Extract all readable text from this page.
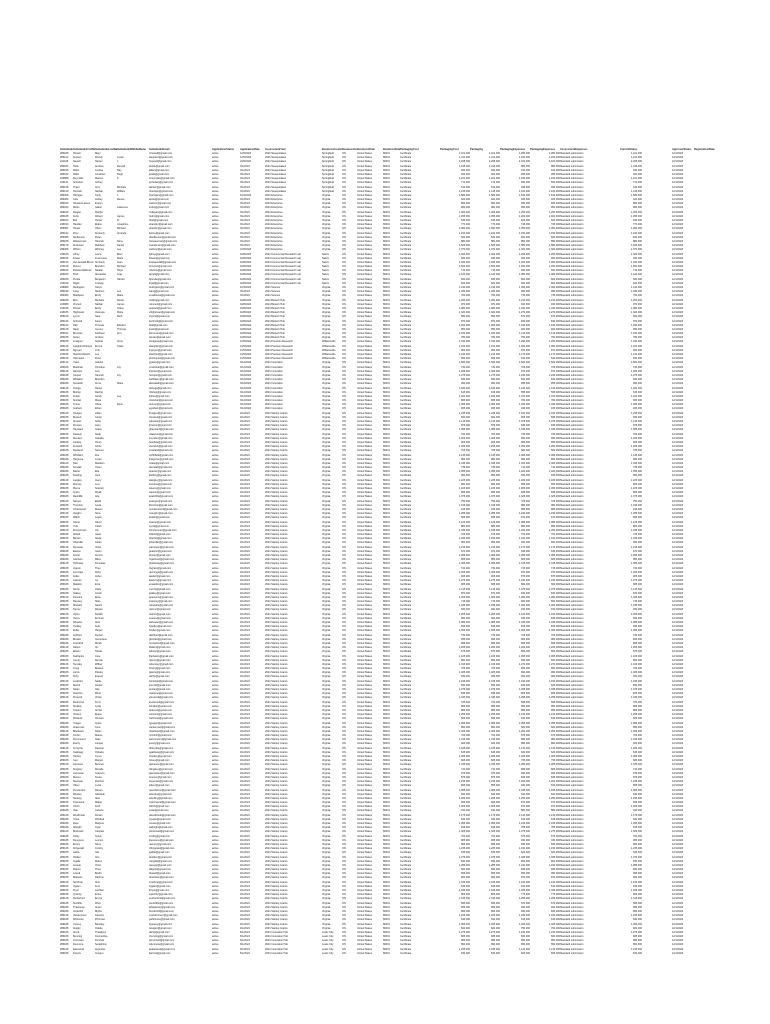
Individual IndividualsFirstN IndividualsLastN IndividualsMiddleName	IndividualsEmail	ApplicationStatus	ApplicationDate	AssessmentYear	BusinessCountry
BusinessCu BusinessState	BusinessState PackagingCost	PackagingCost	Packaging	PackagingExpenses	PackagingExpenses	AssessmentExpenses	CurrentStatus	ApproverStatus RegistrationDate
286188	Howell	Mary	mhowell@gmail.com	active	12/5/2023	2023 Sweepstakes	Springfield	ON	United States	86431	Certificate	1,421,000	1,421,000	1,280,000	1,280,000 Standard submission	1,421,000	12/1/2023
286120	Kupiers	Wendy	Lucas	wkupiers@gmail.com	active	12/5/2023	2023 Sweepstakes	Springfield	ON	United States	86431	Certificate	1,211,000	1,211,000	1,180,000	1,180,000 Standard submission	1,211,000	12/1/2023
241128	Newell	Harper	J	hnewell@gmail.com	active	2/29/2024	2024 Sweepstakes	Springfield	ON	United States	86431	Certificate	2,208,000	2,208,000	2,100,000	2,100,000 Standard submission	2,208,000	12/1/2023
286184	Holle	Andrew	Russell	aholle@gmail.com	active	3/1/2024	2024 Sweepstakes	Springfield	ON	United States	86431	Certificate	1,016,000	1,016,000	980,000	980,000 Standard submission	1,016,000	12/1/2023
286188	Dillon	Joshua	Ray	jdillon@gmail.com	active	3/1/2024	2024 Sweepstakes	Springfield	ON	United States	86431	Certificate	940,000	940,000	910,000	910,000 Standard submission	940,000	12/1/2023
286182	Walls	Jonathan	Hugh	jwalls@gmail.com	active	3/1/2024	2024 Sweepstakes	Springfield	ON	United States	86431	Certificate	300,000	300,000	285,000	285,000 Standard submission	300,000	12/1/2023
246858	Reynolds	Marcus	K	mreynolds@gmail.com	active	3/1/2024	2024 Sweepstakes	Springfield	ON	United States	86431	Certificate	1,221,000	1,221,000	1,190,000	1,190,000 Standard submission	1,221,000	12/1/2023
243141	Schubert	Jeffrey	jschubert@gmail.com	active	3/1/2024	2024 Sweepstakes	Springfield	ON	United States	86431	Certificate	712,000	712,000	690,000	690,000 Standard submission	712,000	12/1/2023
286195	Tinker	Amy	Michelle	atinker@gmail.com	active	3/1/2024	2024 Sweepstakes	Springfield	ON	United States	86431	Certificate	510,000	510,000	495,000	495,000 Standard submission	510,000	12/1/2023
286149	Heinlein	Nathan	William	nheinlein@gmail.com	active	3/1/2024	2024 Sweepstakes	Springfield	ON	United States	86431	Certificate	1,145,000	1,145,000	1,100,000	1,100,000 Standard submission	1,145,000	12/1/2023
286008	Harrigan	Cody	L	charrigan@gmail.com	active	10/3/2023	2023 Enterprise	Virginia	ON	United States	86431	Certificate	1,580,000	1,580,000	1,510,000	1,510,000 Standard submission	1,580,000	12/1/2023
286284	Cole	Ashley	Renee	acole@gmail.com	active	3/1/2024	2024 Enterprise	Virginia	ON	United States	86431	Certificate	420,000	420,000	405,000	405,000 Standard submission	420,000	12/1/2023
286189	Howard-Larsen	Evelyn	elarsen@gmail.com	active	3/1/2024	2024 Enterprise	Virginia	ON	United States	86431	Certificate	860,000	860,000	830,000	830,000 Standard submission	860,000	12/1/2023
286184	Rubin	Isabel	Lawrence	irubin@gmail.com	active	3/1/2024	2024 Enterprise	Virginia	ON	United States	86431	Certificate	980,000	980,000	950,000	950,000 Standard submission	980,000	12/1/2023
286199	Diegas	Marilyn	mdiegas@gmail.com	active	3/1/2024	2024 Enterprise	Virginia	ON	United States	86431	Certificate	1,300,000	1,300,000	1,250,000	1,250,000 Standard submission	1,300,000	12/1/2023
286188	Kuhn	Robert	James	rkuhn@gmail.com	active	3/1/2024	2024 Enterprise	Virginia	ON	United States	86431	Certificate	1,455,000	1,455,000	1,400,000	1,400,000 Standard submission	1,455,000	12/1/2023
286183	Bell	Hunter	R	hbell@gmail.com	active	3/1/2024	2024 Enterprise	Virginia	ON	United States	86431	Certificate	645,000	645,000	620,000	620,000 Standard submission	645,000	12/1/2023
243190	Handler	Elaine	Josephine	ehandler@gmail.com	active	3/1/2024	2024 Enterprise	Virginia	ON	United States	86431	Certificate	770,000	770,000	745,000	745,000 Standard submission	770,000	12/1/2023
286081	Hoefer	Oliver	Michael	ohoefer@gmail.com	active	3/1/2024	2024 Enterprise	Virginia	ON	United States	86431	Certificate	1,090,000	1,090,000	1,050,000	1,050,000 Standard submission	1,090,000	12/1/2023
286192	Price	Kimberly	Amanda	kprice@gmail.com	active	3/1/2024	2024 Enterprise	Virginia	ON	United States	86431	Certificate	1,190,000	1,190,000	1,150,000	1,150,000 Standard submission	1,190,000	12/1/2023
286088	Steffenson	Dylan	dsteffenson@gmail.com	active	3/1/2024	2024 Enterprise	Virginia	ON	United States	86431	Certificate	520,000	520,000	500,000	500,000 Standard submission	520,000	12/1/2023
286188	Wasserman	Hannah	Rose	hwasserman@gmail.com	active	3/1/2024	2024 Enterprise	Virginia	ON	United States	86431	Certificate	880,000	880,000	850,000	850,000 Standard submission	880,000	12/1/2023
286179	Anderson	Matthew	Daniel	manderson@gmail.com	active	3/1/2024	2024 Enterprise	Virginia	ON	United States	86431	Certificate	1,625,000	1,625,000	1,580,000	1,580,000 Standard submission	1,625,000	12/1/2023
286008	Wilson	Whitney	Lee	wwilson@gmail.com	active	12/5/2023	2023 Enterprise	Virginia	ON	United States	86431	Certificate	1,370,000	1,370,000	1,320,000	1,320,000 Standard submission	1,370,000	12/1/2023
243128	Gilroy	Laura	Ellen	lgilroy@gmail.com	active	4/28/2024	2024 Commercial Research Lab	Salem	ON	United States	86431	Certificate	1,300,000	1,300,000	1,260,000	1,260,000 Standard submission	1,300,000	12/1/2023
286186	Fraser	Francesca	Marie	ffraser@gmail.com	active	4/28/2024	2024 Commercial Research Lab	Salem	ON	United States	86431	Certificate	930,000	930,000	900,000	900,000 Standard submission	930,000	12/1/2023
286193	Van Ausdall-Bruce Kimberly	Jean	kvanausdall@gmail.com	active	4/28/2024	2024 Commercial Research Lab	Salem	ON	United States	86431	Certificate	1,040,000	1,040,000	1,000,000	1,000,000 Standard submission	1,040,000	12/1/2023
243148	Mercer	Brandon	Michael	bmercer@gmail.com	active	4/28/2024	2024 Commercial Research Lab	Salem	ON	United States	86431	Certificate	1,500,000	1,500,000	1,450,000	1,450,000 Standard submission	1,500,000	12/1/2023
286188	Dubois-Mathews	Natalie	Hope	ndubois@gmail.com	active	4/28/2024	2024 Commercial Research Lab	Salem	ON	United States	86431	Certificate	710,000	710,000	690,000	690,000 Standard submission	710,000	12/1/2023
286189	Pratt	Alexander	Gray	apratt@gmail.com	active	4/28/2024	2024 Commercial Research Lab	Salem	ON	United States	86431	Certificate	1,120,000	1,120,000	1,080,000	1,080,000 Standard submission	1,120,000	12/1/2023
286188	Purdie	Benjamin	Harold	bpurdie@gmail.com	active	4/28/2024	2024 Commercial Research Lab	Salem	ON	United States	86431	Certificate	830,000	830,000	800,000	800,000 Standard submission	830,000	12/1/2023
243168	Rigali	Lindsay	lrigali@gmail.com	active	4/28/2024	2024 Commercial Research Lab	Salem	ON	United States	86431	Certificate	620,000	620,000	600,000	600,000 Standard submission	620,000	12/1/2023
248888	Redington	Tanya	tredington@gmail.com	active	10/3/2023	2023 Science	Virginia	ON	United States	86431	Certificate	1,410,000	1,410,000	1,360,000	1,360,000 Standard submission	1,410,000	12/1/2023
286198	Lang	Stephen	Lee	slang@gmail.com	active	3/1/2024	2024 Science	Virginia	ON	United States	86431	Certificate	1,030,000	1,030,000	990,000	990,000 Standard submission	1,030,000	12/1/2023
286089	Matthews	Emily	Marie	ematthews@gmail.com	active	3/1/2024	2024 Science	Virginia	ON	United States	86431	Certificate	760,000	760,000	735,000	735,000 Standard submission	760,000	12/1/2023
286188	Ellis	Michelle	Nicole	mellis@gmail.com	active	4/28/2024	2024 Biotech Hub	Virginia	ON	United States	86431	Certificate	1,260,000	1,260,000	1,210,000	1,210,000 Standard submission	1,260,000	12/1/2023
243888	Vincent	Nathan	James	nvincent@gmail.com	active	4/28/2024	2024 Biotech Hub	Virginia	ON	United States	86431	Certificate	970,000	970,000	940,000	940,000 Standard submission	970,000	12/1/2023
243198	Powell	Emily	Grace	epowell@gmail.com	active	4/28/2024	2024 Biotech Hub	Virginia	ON	United States	86431	Certificate	1,080,000	1,080,000	1,040,000	1,040,000 Standard submission	1,080,000	12/1/2023
243186	Hightower	Vanessa	Marie	vhightower@gmail.com	active	4/28/2024	2024 Biotech Hub	Virginia	ON	United States	86431	Certificate	1,320,000	1,320,000	1,270,000	1,270,000 Standard submission	1,320,000	12/1/2023
286128	Lyons	Sara	Ruth	slyons@gmail.com	active	4/28/2024	2024 Biotech Hub	Virginia	ON	United States	86431	Certificate	690,000	690,000	670,000	670,000 Standard submission	690,000	12/1/2023
286139	Schmidt	Karen	kschmidt@gmail.com	active	4/28/2024	2024 Biotech Hub	Virginia	ON	United States	86431	Certificate	870,000	870,000	840,000	840,000 Standard submission	870,000	12/1/2023
286120	Hall	Thomas	Edward	thall@gmail.com	active	4/28/2024	2024 Biotech Hub	Virginia	ON	United States	86431	Certificate	1,490,000	1,490,000	1,440,000	1,440,000 Standard submission	1,490,000	12/1/2023
286128	Nash	Jeremy	Thomas	jnash@gmail.com	active	4/28/2024	2024 Biotech Hub	Virginia	ON	United States	86431	Certificate	950,000	950,000	920,000	920,000 Standard submission	950,000	12/1/2023
286182	Brennan	Kathleen	Ann	kbrennan@gmail.com	active	4/28/2024	2024 Biotech Hub	Virginia	ON	United States	86431	Certificate	1,150,000	1,150,000	1,110,000	1,110,000 Standard submission	1,150,000	12/1/2023
286188	Sutter	Andrew	asutter@gmail.com	active	4/28/2024	2024 Biotech Hub	Virginia	ON	United States	86431	Certificate	780,000	780,000	750,000	750,000 Standard submission	780,000	12/1/2023
286188	Lindgren	Sophia	Anne	slindgren@gmail.com	active	1/25/2024	2024 Precision Research	Williamsville	ON	United States	86431	Certificate	1,340,000	1,340,000	1,290,000	1,290,000 Standard submission	1,340,000	12/1/2023
286128	Laughlin-Roberts	Emma	Claire	elaughlin@gmail.com	active	1/25/2024	2024 Precision Research	Williamsville	ON	United States	86431	Certificate	1,100,000	1,100,000	1,060,000	1,060,000 Standard submission	1,100,000	12/1/2023
286148	Nguyen	Linh	lnguyen@gmail.com	active	1/25/2024	2024 Precision Research	Williamsville	ON	United States	86431	Certificate	900,000	900,000	870,000	870,000 Standard submission	900,000	12/1/2023
243188	Stanford-Morris	Lee	lstanford@gmail.com	active	1/25/2024	2024 Precision Research	Williamsville	ON	United States	86431	Certificate	1,210,000	1,210,000	1,170,000	1,170,000 Standard submission	1,210,000	12/1/2023
286168	Holmquist	Peter	pholmquist@gmail.com	active	1/25/2024	2024 Precision Research	Williamsville	ON	United States	86431	Certificate	660,000	660,000	640,000	640,000 Standard submission	660,000	12/1/2023
286132	Yates	Gabriel	gyates@gmail.com	active	3/12/2024	2024 Innovation	Virginia	ON	United States	86431	Certificate	1,560,000	1,560,000	1,500,000	1,500,000 Standard submission	1,560,000	12/1/2023
286188	Marshall	Christine	Joy	cmarshall@gmail.com	active	3/12/2024	2024 Innovation	Virginia	ON	United States	86431	Certificate	730,000	730,000	705,000	705,000 Standard submission	730,000	12/1/2023
286128	Ramirez	Luis	lramirez@gmail.com	active	3/12/2024	2024 Innovation	Virginia	ON	United States	86431	Certificate	1,005,000	1,005,000	970,000	970,000 Standard submission	1,005,000	12/1/2023
286188	Cooper	Hannah	Joy	hcooper@gmail.com	active	3/12/2024	2024 Innovation	Virginia	ON	United States	86431	Certificate	1,275,000	1,275,000	1,230,000	1,230,000 Standard submission	1,275,000	12/1/2023
286188	Whitaker	Brandon	bwhitaker@gmail.com	active	3/12/2024	2024 Innovation	Virginia	ON	United States	86431	Certificate	840,000	840,000	810,000	810,000 Standard submission	840,000	12/1/2023
286188	Kowalski	Anna	Marie	akowalski@gmail.com	active	3/12/2024	2024 Innovation	Virginia	ON	United States	86431	Certificate	990,000	990,000	955,000	955,000 Standard submission	990,000	12/1/2023
286148	Ortega	Daniel	dortega@gmail.com	active	3/12/2024	2024 Innovation	Virginia	ON	United States	86431	Certificate	1,180,000	1,180,000	1,140,000	1,140,000 Standard submission	1,180,000	12/1/2023
286188	Bishop	Rachel	rbishop@gmail.com	active	3/12/2024	2024 Innovation	Virginia	ON	United States	86431	Certificate	615,000	615,000	595,000	595,000 Standard submission	615,000	12/1/2023
286188	Fulton	Jacob	Lee	jfulton@gmail.com	active	3/12/2024	2024 Innovation	Virginia	ON	United States	86431	Certificate	1,420,000	1,420,000	1,370,000	1,370,000 Standard submission	1,420,000	12/1/2023
286188	Sinclair	Maya	msinclair@gmail.com	active	3/12/2024	2024 Innovation	Virginia	ON	United States	86431	Certificate	805,000	805,000	780,000	780,000 Standard submission	805,000	12/1/2023
286188	Turner	Olivia	Rose	oturner@gmail.com	active	3/12/2024	2024 Innovation	Virginia	ON	United States	86431	Certificate	1,065,000	1,065,000	1,030,000	1,030,000 Standard submission	1,065,000	12/1/2023
286188	Graham	Ethan	egraham@gmail.com	active	3/12/2024	2024 Innovation	Virginia	ON	United States	86431	Certificate	945,000	945,000	915,000	915,000 Standard submission	945,000	12/1/2023
286128	Hodges	Lillian	lhodges@gmail.com	active	4/1/2024	2024 Startup Grants	Virginia	ON	United States	86431	Certificate	1,235,000	1,235,000	1,190,000	1,190,000 Standard submission	1,235,000	12/1/2023
286188	Beckett	Carter	cbeckett@gmail.com	active	4/1/2024	2024 Startup Grants	Virginia	ON	United States	86431	Certificate	690,000	690,000	665,000	665,000 Standard submission	690,000	12/1/2023
286188	Alvarez	Sofia	salvarez@gmail.com	active	4/1/2024	2024 Startup Grants	Virginia	ON	United States	86431	Certificate	1,115,000	1,115,000	1,075,000	1,075,000 Standard submission	1,115,000	12/1/2023
286148	Preston	Liam	lpreston@gmail.com	active	4/1/2024	2024 Startup Grants	Virginia	ON	United States	86431	Certificate	875,000	875,000	845,000	845,000 Standard submission	875,000	12/1/2023
286188	Hayward	Grace	ghayward@gmail.com	active	4/1/2024	2024 Startup Grants	Virginia	ON	United States	86431	Certificate	1,385,000	1,385,000	1,335,000	1,335,000 Standard submission	1,385,000	12/1/2023
286188	Dawson	Noah	ndawson@gmail.com	active	4/1/2024	2024 Startup Grants	Virginia	ON	United States	86431	Certificate	760,000	760,000	735,000	735,000 Standard submission	760,000	12/1/2023
286188	Mendez	Isabella	imendez@gmail.com	active	4/1/2024	2024 Startup Grants	Virginia	ON	United States	86431	Certificate	1,025,000	1,025,000	990,000	990,000 Standard submission	1,025,000	12/1/2023
286188	Carlisle	Henry	hcarlisle@gmail.com	active	4/1/2024	2024 Startup Grants	Virginia	ON	United States	86431	Certificate	925,000	925,000	895,000	895,000 Standard submission	925,000	12/1/2023
286148	Fenwick	Chloe	cfenwick@gmail.com	active	4/1/2024	2024 Startup Grants	Virginia	ON	United States	86431	Certificate	1,295,000	1,295,000	1,250,000	1,250,000 Standard submission	1,295,000	12/1/2023
286188	Rowland	Samuel	srowland@gmail.com	active	4/1/2024	2024 Startup Grants	Virginia	ON	United States	86431	Certificate	705,000	705,000	680,000	680,000 Standard submission	705,000	12/1/2023
286188	Whitfield	Zoe	zwhitfield@gmail.com	active	4/1/2024	2024 Startup Grants	Virginia	ON	United States	86431	Certificate	1,135,000	1,135,000	1,095,000	1,095,000 Standard submission	1,135,000	12/1/2023
286188	Hargrove	Lucas	lhargrove@gmail.com	active	4/1/2024	2024 Startup Grants	Virginia	ON	United States	86431	Certificate	890,000	890,000	860,000	860,000 Standard submission	890,000	12/1/2023
286128	Tate	Madison	mtate@gmail.com	active	4/1/2024	2024 Startup Grants	Virginia	ON	United States	86431	Certificate	1,345,000	1,345,000	1,300,000	1,300,000 Standard submission	1,345,000	12/1/2023
286188	Kendall	Owen	okendall@gmail.com	active	4/1/2024	2024 Startup Grants	Virginia	ON	United States	86431	Certificate	735,000	735,000	710,000	710,000 Standard submission	735,000	12/1/2023
286188	Baxter	Ella	ebaxter@gmail.com	active	4/1/2024	2024 Startup Grants	Virginia	ON	United States	86431	Certificate	1,055,000	1,055,000	1,020,000	1,020,000 Standard submission	1,055,000	12/1/2023
286188	Fielding	Jack	jfielding@gmail.com	active	4/1/2024	2024 Startup Grants	Virginia	ON	United States	86431	Certificate	960,000	960,000	930,000	930,000 Standard submission	960,000	12/1/2023
286148	Langley	Avery	alangley@gmail.com	active	4/1/2024	2024 Startup Grants	Virginia	ON	United States	86431	Certificate	1,225,000	1,225,000	1,180,000	1,180,000 Standard submission	1,225,000	12/1/2023
286188	Monroe	Levi	lmonroe@gmail.com	active	4/1/2024	2024 Startup Grants	Virginia	ON	United States	86431	Certificate	680,000	680,000	655,000	655,000 Standard submission	680,000	12/1/2023
286188	Pierce	Scarlett	spierce@gmail.com	active	4/1/2024	2024 Startup Grants	Virginia	ON	United States	86431	Certificate	1,105,000	1,105,000	1,065,000	1,065,000 Standard submission	1,105,000	12/1/2023
286188	Quinn	Wyatt	wquinn@gmail.com	active	4/1/2024	2024 Startup Grants	Virginia	ON	United States	86431	Certificate	865,000	865,000	835,000	835,000 Standard submission	865,000	12/1/2023
286188	Radcliffe	Aria	aradcliffe@gmail.com	active	4/1/2024	2024 Startup Grants	Virginia	ON	United States	86431	Certificate	1,375,000	1,375,000	1,325,000	1,325,000 Standard submission	1,375,000	12/1/2023
286128	Sawyer	Elijah	esawyer@gmail.com	active	4/1/2024	2024 Startup Grants	Virginia	ON	United States	86431	Certificate	750,000	750,000	725,000	725,000 Standard submission	750,000	12/1/2023
286188	Thornton	Layla	lthornton@gmail.com	active	4/1/2024	2024 Startup Grants	Virginia	ON	United States	86431	Certificate	1,015,000	1,015,000	980,000	980,000 Standard submission	1,015,000	12/1/2023
286188	Underwood	Mason	munderwood@gmail.com	active	4/1/2024	2024 Startup Grants	Virginia	ON	United States	86431	Certificate	915,000	915,000	885,000	885,000 Standard submission	915,000	12/1/2023
286148	Vaughn	Nora	nvaughn@gmail.com	active	4/1/2024	2024 Startup Grants	Virginia	ON	United States	86431	Certificate	1,285,000	1,285,000	1,240,000	1,240,000 Standard submission	1,285,000	12/1/2023
286188	Walsh	Logan	lwalsh@gmail.com	active	4/1/2024	2024 Startup Grants	Virginia	ON	United States	86431	Certificate	695,000	695,000	670,000	670,000 Standard submission	695,000	12/1/2023
286188	Xavier	Hazel	hxavier@gmail.com	active	4/1/2024	2024 Startup Grants	Virginia	ON	United States	86431	Certificate	1,125,000	1,125,000	1,085,000	1,085,000 Standard submission	1,125,000	12/1/2023
286188	York	Caleb	cyork@gmail.com	active	4/1/2024	2024 Startup Grants	Virginia	ON	United States	86431	Certificate	880,000	880,000	850,000	850,000 Standard submission	880,000	12/1/2023
286128	Zimmerman	Lily	lzimmerman@gmail.com	active	4/1/2024	2024 Startup Grants	Virginia	ON	United States	86431	Certificate	1,335,000	1,335,000	1,290,000	1,290,000 Standard submission	1,335,000	12/1/2023
286188	Abbott	Isaac	iabbott@gmail.com	active	4/1/2024	2024 Startup Grants	Virginia	ON	United States	86431	Certificate	725,000	725,000	700,000	700,000 Standard submission	725,000	12/1/2023
286188	Barrett	Stella	sbarrett@gmail.com	active	4/1/2024	2024 Startup Grants	Virginia	ON	United States	86431	Certificate	1,045,000	1,045,000	1,010,000	1,010,000 Standard submission	1,045,000	12/1/2023
286188	Chandler	Julian	jchandler@gmail.com	active	4/1/2024	2024 Startup Grants	Virginia	ON	United States	86431	Certificate	950,000	950,000	920,000	920,000 Standard submission	950,000	12/1/2023
286148	Donovan	Violet	vdonovan@gmail.com	active	4/1/2024	2024 Startup Grants	Virginia	ON	United States	86431	Certificate	1,215,000	1,215,000	1,170,000	1,170,000 Standard submission	1,215,000	12/1/2023
286188	Easton	Gavin	geaston@gmail.com	active	4/1/2024	2024 Startup Grants	Virginia	ON	United States	86431	Certificate	670,000	670,000	645,000	645,000 Standard submission	670,000	12/1/2023
286188	Foster	Aurora	afoster@gmail.com	active	4/1/2024	2024 Startup Grants	Virginia	ON	United States	86431	Certificate	1,095,000	1,095,000	1,055,000	1,055,000 Standard submission	1,095,000	12/1/2023
286188	Garrison	Miles	mgarrison@gmail.com	active	4/1/2024	2024 Startup Grants	Virginia	ON	United States	86431	Certificate	855,000	855,000	825,000	825,000 Standard submission	855,000	12/1/2023
286128	Holloway	Penelope	pholloway@gmail.com	active	4/1/2024	2024 Startup Grants	Virginia	ON	United States	86431	Certificate	1,365,000	1,365,000	1,315,000	1,315,000 Standard submission	1,365,000	12/1/2023
286188	Ingram	Theo	tingram@gmail.com	active	4/1/2024	2024 Startup Grants	Virginia	ON	United States	86431	Certificate	740,000	740,000	715,000	715,000 Standard submission	740,000	12/1/2023
286188	Jennings	Ruby	rjennings@gmail.com	active	4/1/2024	2024 Startup Grants	Virginia	ON	United States	86431	Certificate	1,005,000	1,005,000	970,000	970,000 Standard submission	1,005,000	12/1/2023
286188	Keller	Asher	akeller@gmail.com	active	4/1/2024	2024 Startup Grants	Virginia	ON	United States	86431	Certificate	905,000	905,000	875,000	875,000 Standard submission	905,000	12/1/2023
286148	Lawson	Ivy	ilawson@gmail.com	active	4/1/2024	2024 Startup Grants	Virginia	ON	United States	86431	Certificate	1,275,000	1,275,000	1,230,000	1,230,000 Standard submission	1,275,000	12/1/2023
286188	Maddox	Ezra	emaddox@gmail.com	active	4/1/2024	2024 Startup Grants	Virginia	ON	United States	86431	Certificate	685,000	685,000	660,000	660,000 Standard submission	685,000	12/1/2023
286188	Norris	Clara	cnorris@gmail.com	active	4/1/2024	2024 Startup Grants	Virginia	ON	United States	86431	Certificate	1,115,000	1,115,000	1,075,000	1,075,000 Standard submission	1,115,000	12/1/2023
286188	Oakley	Jonah	joakley@gmail.com	active	4/1/2024	2024 Startup Grants	Virginia	ON	United States	86431	Certificate	870,000	870,000	840,000	840,000 Standard submission	870,000	12/1/2023
286128	Parsons	Eliza	eparsons@gmail.com	active	4/1/2024	2024 Startup Grants	Virginia	ON	United States	86431	Certificate	1,325,000	1,325,000	1,280,000	1,280,000 Standard submission	1,325,000	12/1/2023
286188	Ramsey	Silas	sramsey@gmail.com	active	4/1/2024	2024 Startup Grants	Virginia	ON	United States	86431	Certificate	715,000	715,000	690,000	690,000 Standard submission	715,000	12/1/2023
286188	Sheldon	Naomi	nsheldon@gmail.com	active	4/1/2024	2024 Startup Grants	Virginia	ON	United States	86431	Certificate	1,035,000	1,035,000	1,000,000	1,000,000 Standard submission	1,035,000	12/1/2023
286188	Tanner	Rowan	rtanner@gmail.com	active	4/1/2024	2024 Startup Grants	Virginia	ON	United States	86431	Certificate	940,000	940,000	910,000	910,000 Standard submission	940,000	12/1/2023
286148	Upton	Delilah	dupton@gmail.com	active	4/1/2024	2024 Startup Grants	Virginia	ON	United States	86431	Certificate	1,205,000	1,205,000	1,160,000	1,160,000 Standard submission	1,205,000	12/1/2023
286188	Vance	Emmett	evance@gmail.com	active	4/1/2024	2024 Startup Grants	Virginia	ON	United States	86431	Certificate	660,000	660,000	635,000	635,000 Standard submission	660,000	12/1/2023
286188	Wheeler	Alice	awheeler@gmail.com	active	4/1/2024	2024 Startup Grants	Virginia	ON	United States	86431	Certificate	1,085,000	1,085,000	1,045,000	1,045,000 Standard submission	1,085,000	12/1/2023
286188	Yardley	Felix	fyardley@gmail.com	active	4/1/2024	2024 Startup Grants	Virginia	ON	United States	86431	Certificate	845,000	845,000	815,000	815,000 Standard submission	845,000	12/1/2023
286128	Zeller	Harper	hzeller@gmail.com	active	4/1/2024	2024 Startup Grants	Virginia	ON	United States	86431	Certificate	1,355,000	1,355,000	1,305,000	1,305,000 Standard submission	1,355,000	12/1/2023
286188	Ashford	Declan	dashford@gmail.com	active	4/1/2024	2024 Startup Grants	Virginia	ON	United States	86431	Certificate	730,000	730,000	705,000	705,000 Standard submission	730,000	12/1/2023
286188	Brooks	Genevieve	gbrooks@gmail.com	active	4/1/2024	2024 Startup Grants	Virginia	ON	United States	86431	Certificate	995,000	995,000	960,000	960,000 Standard submission	995,000	12/1/2023
286188	Crawford	Micah	mcrawford@gmail.com	active	4/1/2024	2024 Startup Grants	Virginia	ON	United States	86431	Certificate	895,000	895,000	865,000	865,000 Standard submission	895,000	12/1/2023
286148	Dalton	Iris	idalton@gmail.com	active	4/1/2024	2024 Startup Grants	Virginia	ON	United States	86431	Certificate	1,265,000	1,265,000	1,220,000	1,220,000 Standard submission	1,265,000	12/1/2023
286188	Ellison	Tobias	tellison@gmail.com	active	4/1/2024	2024 Startup Grants	Virginia	ON	United States	86431	Certificate	675,000	675,000	650,000	650,000 Standard submission	675,000	12/1/2023
286188	Fairbanks	June	jfairbanks@gmail.com	active	4/1/2024	2024 Startup Grants	Virginia	ON	United States	86431	Certificate	1,105,000	1,105,000	1,065,000	1,065,000 Standard submission	1,105,000	12/1/2023
286188	Gentry	Roman	rgentry@gmail.com	active	4/1/2024	2024 Startup Grants	Virginia	ON	United States	86431	Certificate	860,000	860,000	830,000	830,000 Standard submission	860,000	12/1/2023
286128	Hensley	Willow	whensley@gmail.com	active	4/1/2024	2024 Startup Grants	Virginia	ON	United States	86431	Certificate	1,315,000	1,315,000	1,270,000	1,270,000 Standard submission	1,315,000	12/1/2023
286188	Irving	Beckett	birving@gmail.com	active	4/1/2024	2024 Startup Grants	Virginia	ON	United States	86431	Certificate	705,000	705,000	680,000	680,000 Standard submission	705,000	12/1/2023
286188	Jarvis	Paisley	pjarvis@gmail.com	active	4/1/2024	2024 Startup Grants	Virginia	ON	United States	86431	Certificate	1,025,000	1,025,000	990,000	990,000 Standard submission	1,025,000	12/1/2023
286188	Kirby	Everett	ekirby@gmail.com	active	4/1/2024	2024 Startup Grants	Virginia	ON	United States	86431	Certificate	930,000	930,000	900,000	900,000 Standard submission	930,000	12/1/2023
286148	Lockhart	Sadie	slockhart@gmail.com	active	4/1/2024	2024 Startup Grants	Virginia	ON	United States	86431	Certificate	1,195,000	1,195,000	1,150,000	1,150,000 Standard submission	1,195,000	12/1/2023
286188	Merritt	Jasper	jmerritt@gmail.com	active	4/1/2024	2024 Startup Grants	Virginia	ON	United States	86431	Certificate	650,000	650,000	625,000	625,000 Standard submission	650,000	12/1/2023
286188	Nolan	Ada	anolan@gmail.com	active	4/1/2024	2024 Startup Grants	Virginia	ON	United States	86431	Certificate	1,075,000	1,075,000	1,035,000	1,035,000 Standard submission	1,075,000	12/1/2023
286188	Osborne	Rhett	rosborne@gmail.com	active	4/1/2024	2024 Startup Grants	Virginia	ON	United States	86431	Certificate	835,000	835,000	805,000	805,000 Standard submission	835,000	12/1/2023
286128	Prescott	Vivian	vprescott@gmail.com	active	4/1/2024	2024 Startup Grants	Virginia	ON	United States	86431	Certificate	1,345,000	1,345,000	1,295,000	1,295,000 Standard submission	1,345,000	12/1/2023
286188	Redmond	Knox	kredmond@gmail.com	active	4/1/2024	2024 Startup Grants	Virginia	ON	United States	86431	Certificate	720,000	720,000	695,000	695,000 Standard submission	720,000	12/1/2023
286188	Stratton	Lydia	lstratton@gmail.com	active	4/1/2024	2024 Startup Grants	Virginia	ON	United States	86431	Certificate	985,000	985,000	950,000	950,000 Standard submission	985,000	12/1/2023
286188	Travers	Archer	atravers@gmail.com	active	4/1/2024	2024 Startup Grants	Virginia	ON	United States	86431	Certificate	885,000	885,000	855,000	855,000 Standard submission	885,000	12/1/2023
286148	Vickers	Eloise	evickers@gmail.com	active	4/1/2024	2024 Startup Grants	Virginia	ON	United States	86431	Certificate	1,255,000	1,255,000	1,210,000	1,210,000 Standard submission	1,255,000	12/1/2023
286188	Winslow	Hudson	hwinslow@gmail.com	active	4/1/2024	2024 Startup Grants	Virginia	ON	United States	86431	Certificate	665,000	665,000	640,000	640,000 Standard submission	665,000	12/1/2023
286188	Yeager	Quinn	qyeager@gmail.com	active	4/1/2024	2024 Startup Grants	Virginia	ON	United States	86431	Certificate	1,095,000	1,095,000	1,055,000	1,055,000 Standard submission	1,095,000	12/1/2023
286188	Ackerman	Cora	cackerman@gmail.com	active	4/1/2024	2024 Startup Grants	Virginia	ON	United States	86431	Certificate	850,000	850,000	820,000	820,000 Standard submission	850,000	12/1/2023
286128	Blackwell	Nolan	nblackwell@gmail.com	active	4/1/2024	2024 Startup Grants	Virginia	ON	United States	86431	Certificate	1,305,000	1,305,000	1,260,000	1,260,000 Standard submission	1,305,000	12/1/2023
286188	Corbin	Maeve	mcorbin@gmail.com	active	4/1/2024	2024 Startup Grants	Virginia	ON	United States	86431	Certificate	700,000	700,000	675,000	675,000 Standard submission	700,000	12/1/2023
286188	Drummond	Atlas	adrummond@gmail.com	active	4/1/2024	2024 Startup Grants	Virginia	ON	United States	86431	Certificate	1,015,000	1,015,000	980,000	980,000 Standard submission	1,015,000	12/1/2023
286188	Everly	Juniper	jeverly@gmail.com	active	4/1/2024	2024 Startup Grants	Virginia	ON	United States	86431	Certificate	920,000	920,000	890,000	890,000 Standard submission	920,000	12/1/2023
286148	Forsythe	Dawson	dforsythe@gmail.com	active	4/1/2024	2024 Startup Grants	Virginia	ON	United States	86431	Certificate	1,185,000	1,185,000	1,140,000	1,140,000 Standard submission	1,185,000	12/1/2023
286188	Galloway	Ophelia	ogalloway@gmail.com	active	4/1/2024	2024 Startup Grants	Virginia	ON	United States	86431	Certificate	645,000	645,000	620,000	620,000 Standard submission	645,000	12/1/2023
286188	Hartley	Cyrus	chartley@gmail.com	active	4/1/2024	2024 Startup Grants	Virginia	ON	United States	86431	Certificate	1,065,000	1,065,000	1,025,000	1,025,000 Standard submission	1,065,000	12/1/2023
286188	Ives	Margot	mives@gmail.com	active	4/1/2024	2024 Startup Grants	Virginia	ON	United States	86431	Certificate	825,000	825,000	795,000	795,000 Standard submission	825,000	12/1/2023
286128	Jameson	Bennett	bjameson@gmail.com	active	4/1/2024	2024 Startup Grants	Virginia	ON	United States	86431	Certificate	1,335,000	1,335,000	1,285,000	1,285,000 Standard submission	1,335,000	12/1/2023
286188	Kingsley	Rosalie	rkingsley@gmail.com	active	4/1/2024	2024 Startup Grants	Virginia	ON	United States	86431	Certificate	710,000	710,000	685,000	685,000 Standard submission	710,000	12/1/2023
286188	Lancaster	Grayson	glancaster@gmail.com	active	4/1/2024	2024 Startup Grants	Virginia	ON	United States	86431	Certificate	975,000	975,000	940,000	940,000 Standard submission	975,000	12/1/2023
286188	Mercer	Tessa	tmercer@gmail.com	active	4/1/2024	2024 Startup Grants	Virginia	ON	United States	86431	Certificate	875,000	875,000	845,000	845,000 Standard submission	875,000	12/1/2023
286148	Newman	Fletcher	fnewman@gmail.com	active	4/1/2024	2024 Startup Grants	Virginia	ON	United States	86431	Certificate	1,245,000	1,245,000	1,200,000	1,200,000 Standard submission	1,245,000	12/1/2023
286188	Oliver	Lucia	loliver@gmail.com	active	4/1/2024	2024 Startup Grants	Virginia	ON	United States	86431	Certificate	655,000	655,000	630,000	630,000 Standard submission	655,000	12/1/2023
286188	Pemberton	Ronan	rpemberton@gmail.com	active	4/1/2024	2024 Startup Grants	Virginia	ON	United States	86431	Certificate	1,085,000	1,085,000	1,045,000	1,045,000 Standard submission	1,085,000	12/1/2023
286188	Rhodes	Adelaide	arhodes@gmail.com	active	4/1/2024	2024 Startup Grants	Virginia	ON	United States	86431	Certificate	840,000	840,000	810,000	810,000 Standard submission	840,000	12/1/2023
286128	Sterling	Abel	asterling@gmail.com	active	4/1/2024	2024 Startup Grants	Virginia	ON	United States	86431	Certificate	1,295,000	1,295,000	1,250,000	1,250,000 Standard submission	1,295,000	12/1/2023
286188	Townsend	Mabel	mtownsend@gmail.com	active	4/1/2024	2024 Startup Grants	Virginia	ON	United States	86431	Certificate	695,000	695,000	670,000	670,000 Standard submission	695,000	12/1/2023
286188	Ulrich	Ford	fulrich@gmail.com	active	4/1/2024	2024 Startup Grants	Virginia	ON	United States	86431	Certificate	1,005,000	1,005,000	970,000	970,000 Standard submission	1,005,000	12/1/2023
286188	Vale	Celeste	cvale@gmail.com	active	4/1/2024	2024 Startup Grants	Virginia	ON	United States	86431	Certificate	910,000	910,000	880,000	880,000 Standard submission	910,000	12/1/2023
286148	Westbrook	Dorian	dwestbrook@gmail.com	active	4/1/2024	2024 Startup Grants	Virginia	ON	United States	86431	Certificate	1,175,000	1,175,000	1,130,000	1,130,000 Standard submission	1,175,000	12/1/2023
286188	Yorke	Winifred	wyorke@gmail.com	active	4/1/2024	2024 Startup Grants	Virginia	ON	United States	86431	Certificate	640,000	640,000	615,000	615,000 Standard submission	640,000	12/1/2023
286188	Zane	Magnus	mzane@gmail.com	active	4/1/2024	2024 Startup Grants	Virginia	ON	United States	86431	Certificate	1,055,000	1,055,000	1,015,000	1,015,000 Standard submission	1,055,000	12/1/2023
286188	Albright	Opal	oalbright@gmail.com	active	4/1/2024	2024 Startup Grants	Virginia	ON	United States	86431	Certificate	815,000	815,000	785,000	785,000 Standard submission	815,000	12/1/2023
286128	Bramwell	Caspian	cbramwell@gmail.com	active	4/1/2024	2024 Startup Grants	Virginia	ON	United States	86431	Certificate	1,325,000	1,325,000	1,275,000	1,275,000 Standard submission	1,325,000	12/1/2023
286188	Colby	Sylvie	scolby@gmail.com	active	4/1/2024	2024 Startup Grants	Virginia	ON	United States	86431	Certificate	700,000	700,000	675,000	675,000 Standard submission	700,000	12/1/2023
286188	Devereux	Lennox	ldevereux@gmail.com	active	4/1/2024	2024 Startup Grants	Virginia	ON	United States	86431	Certificate	965,000	965,000	930,000	930,000 Standard submission	965,000	12/1/2023
286188	Emery	Nova	nemery@gmail.com	active	4/1/2024	2024 Startup Grants	Virginia	ON	United States	86431	Certificate	865,000	865,000	835,000	835,000 Standard submission	865,000	12/1/2023
286148	Fitzgerald	Crosby	cfitzgerald@gmail.com	active	4/1/2024	2024 Startup Grants	Virginia	ON	United States	86431	Certificate	1,235,000	1,235,000	1,190,000	1,190,000 Standard submission	1,235,000	12/1/2023
286188	Gable	Isla	igable@gmail.com	active	4/1/2024	2024 Startup Grants	Virginia	ON	United States	86431	Certificate	645,000	645,000	620,000	620,000 Standard submission	645,000	12/1/2023
286188	Holden	Arlo	aholden@gmail.com	active	4/1/2024	2024 Startup Grants	Virginia	ON	United States	86431	Certificate	1,075,000	1,075,000	1,035,000	1,035,000 Standard submission	1,075,000	12/1/2023
286188	Ingalls	Maren	mingalls@gmail.com	active	4/1/2024	2024 Startup Grants	Virginia	ON	United States	86431	Certificate	830,000	830,000	800,000	800,000 Standard submission	830,000	12/1/2023
286128	Jessup	Orion	ojessup@gmail.com	active	4/1/2024	2024 Startup Grants	Virginia	ON	United States	86431	Certificate	1,285,000	1,285,000	1,240,000	1,240,000 Standard submission	1,285,000	12/1/2023
286188	Kilgore	Thea	tkilgore@gmail.com	active	4/1/2024	2024 Startup Grants	Virginia	ON	United States	86431	Certificate	690,000	690,000	665,000	665,000 Standard submission	690,000	12/1/2023
286188	Lowell	Bodhi	blowell@gmail.com	active	4/1/2024	2024 Startup Grants	Virginia	ON	United States	86431	Certificate	995,000	995,000	960,000	960,000 Standard submission	995,000	12/1/2023
286188	Marlowe	Daphne	dmarlowe@gmail.com	active	4/1/2024	2024 Startup Grants	Virginia	ON	United States	86431	Certificate	900,000	900,000	870,000	870,000 Standard submission	900,000	12/1/2023
286148	Northrop	Idris	inorthrop@gmail.com	active	4/1/2024	2024 Startup Grants	Virginia	ON	United States	86431	Certificate	1,165,000	1,165,000	1,120,000	1,120,000 Standard submission	1,165,000	12/1/2023
286188	Ogden	Fern	fogden@gmail.com	active	4/1/2024	2024 Startup Grants	Virginia	ON	United States	86431	Certificate	635,000	635,000	610,000	610,000 Standard submission	635,000	12/1/2023
286188	Pryor	Lachlan	lpryor@gmail.com	active	4/1/2024	2024 Startup Grants	Virginia	ON	United States	86431	Certificate	1,045,000	1,045,000	1,005,000	1,005,000 Standard submission	1,045,000	12/1/2023
286188	Quimby	Esme	equimby@gmail.com	active	4/1/2024	2024 Startup Grants	Virginia	ON	United States	86431	Certificate	805,000	805,000	775,000	775,000 Standard submission	805,000	12/1/2023
286128	Rutherford	Emrys	erutherford@gmail.com	active	4/1/2024	2024 Startup Grants	Virginia	ON	United States	86431	Certificate	1,315,000	1,315,000	1,265,000	1,265,000 Standard submission	1,315,000	12/1/2023
286188	Sutcliffe	Wren	wsutcliffe@gmail.com	active	4/1/2024	2024 Startup Grants	Virginia	ON	United States	86431	Certificate	695,000	695,000	670,000	670,000 Standard submission	695,000	12/1/2023
286188	Thackeray	Ansel	athackeray@gmail.com	active	4/1/2024	2024 Startup Grants	Virginia	ON	United States	86431	Certificate	955,000	955,000	920,000	920,000 Standard submission	955,000	12/1/2023
286188	Underhill	Blythe	bunderhill@gmail.com	active	4/1/2024	2024 Startup Grants	Virginia	ON	United States	86431	Certificate	860,000	860,000	830,000	830,000 Standard submission	860,000	12/1/2023
286148	Vandermeer	Cassius	cvandermeer@gmail.com	active	4/1/2024	2024 Startup Grants	Virginia	ON	United States	86431	Certificate	1,225,000	1,225,000	1,180,000	1,180,000 Standard submission	1,225,000	12/1/2023
286188	Whitmore	Primrose	pwhitmore@gmail.com	active	4/1/2024	2024 Startup Grants	Virginia	ON	United States	86431	Certificate	640,000	640,000	615,000	615,000 Standard submission	640,000	12/1/2023
286188	Yancey	Barnaby	byancey@gmail.com	active	4/1/2024	2024 Startup Grants	Virginia	ON	United States	86431	Certificate	1,065,000	1,065,000	1,025,000	1,025,000 Standard submission	1,065,000	12/1/2023
286188	Zeigler	Odette	ozeigler@gmail.com	active	4/1/2024	2024 Startup Grants	Virginia	ON	United States	86431	Certificate	820,000	820,000	790,000	790,000 Standard submission	820,000	12/1/2023
286128	Alcott	Thaddeus	talcott@gmail.com	active	6/1/2024	2024 Innovation Hub	Lewis City	ON	United States	86431	Certificate	1,275,000	1,275,000	1,230,000	1,230,000 Standard submission	1,275,000	12/1/2023
286188	Benning	Clementine	cbenning@gmail.com	active	6/1/2024	2024 Innovation Hub	Lewis City	ON	United States	86431	Certificate	685,000	685,000	660,000	660,000 Standard submission	685,000	12/1/2023
286188	Cromwell	Percival	pcromwell@gmail.com	active	6/1/2024	2024 Innovation Hub	Lewis City	ON	United States	86431	Certificate	985,000	985,000	950,000	950,000 Standard submission	985,000	12/1/2023
286188	Dunmore	Seraphina	sdunmore@gmail.com	active	6/1/2024	2024 Innovation Hub	Lewis City	ON	United States	86431	Certificate	890,000	890,000	860,000	860,000 Standard submission	890,000	12/1/2023
286148	Eastwood	Augustus	aeastwood@gmail.com	active	6/1/2024	2024 Innovation Hub	Lewis City	ON	United States	86431	Certificate	1,155,000	1,155,000	1,110,000	1,110,000 Standard submission	1,155,000	12/1/2023
286188	Farrow	Imogen	ifarrow@gmail.com	active	6/1/2024	2024 Innovation Hub	Lewis City	ON	United States	86431	Certificate	630,000	630,000	605,000	605,000 Standard submission	630,000	12/1/2023
